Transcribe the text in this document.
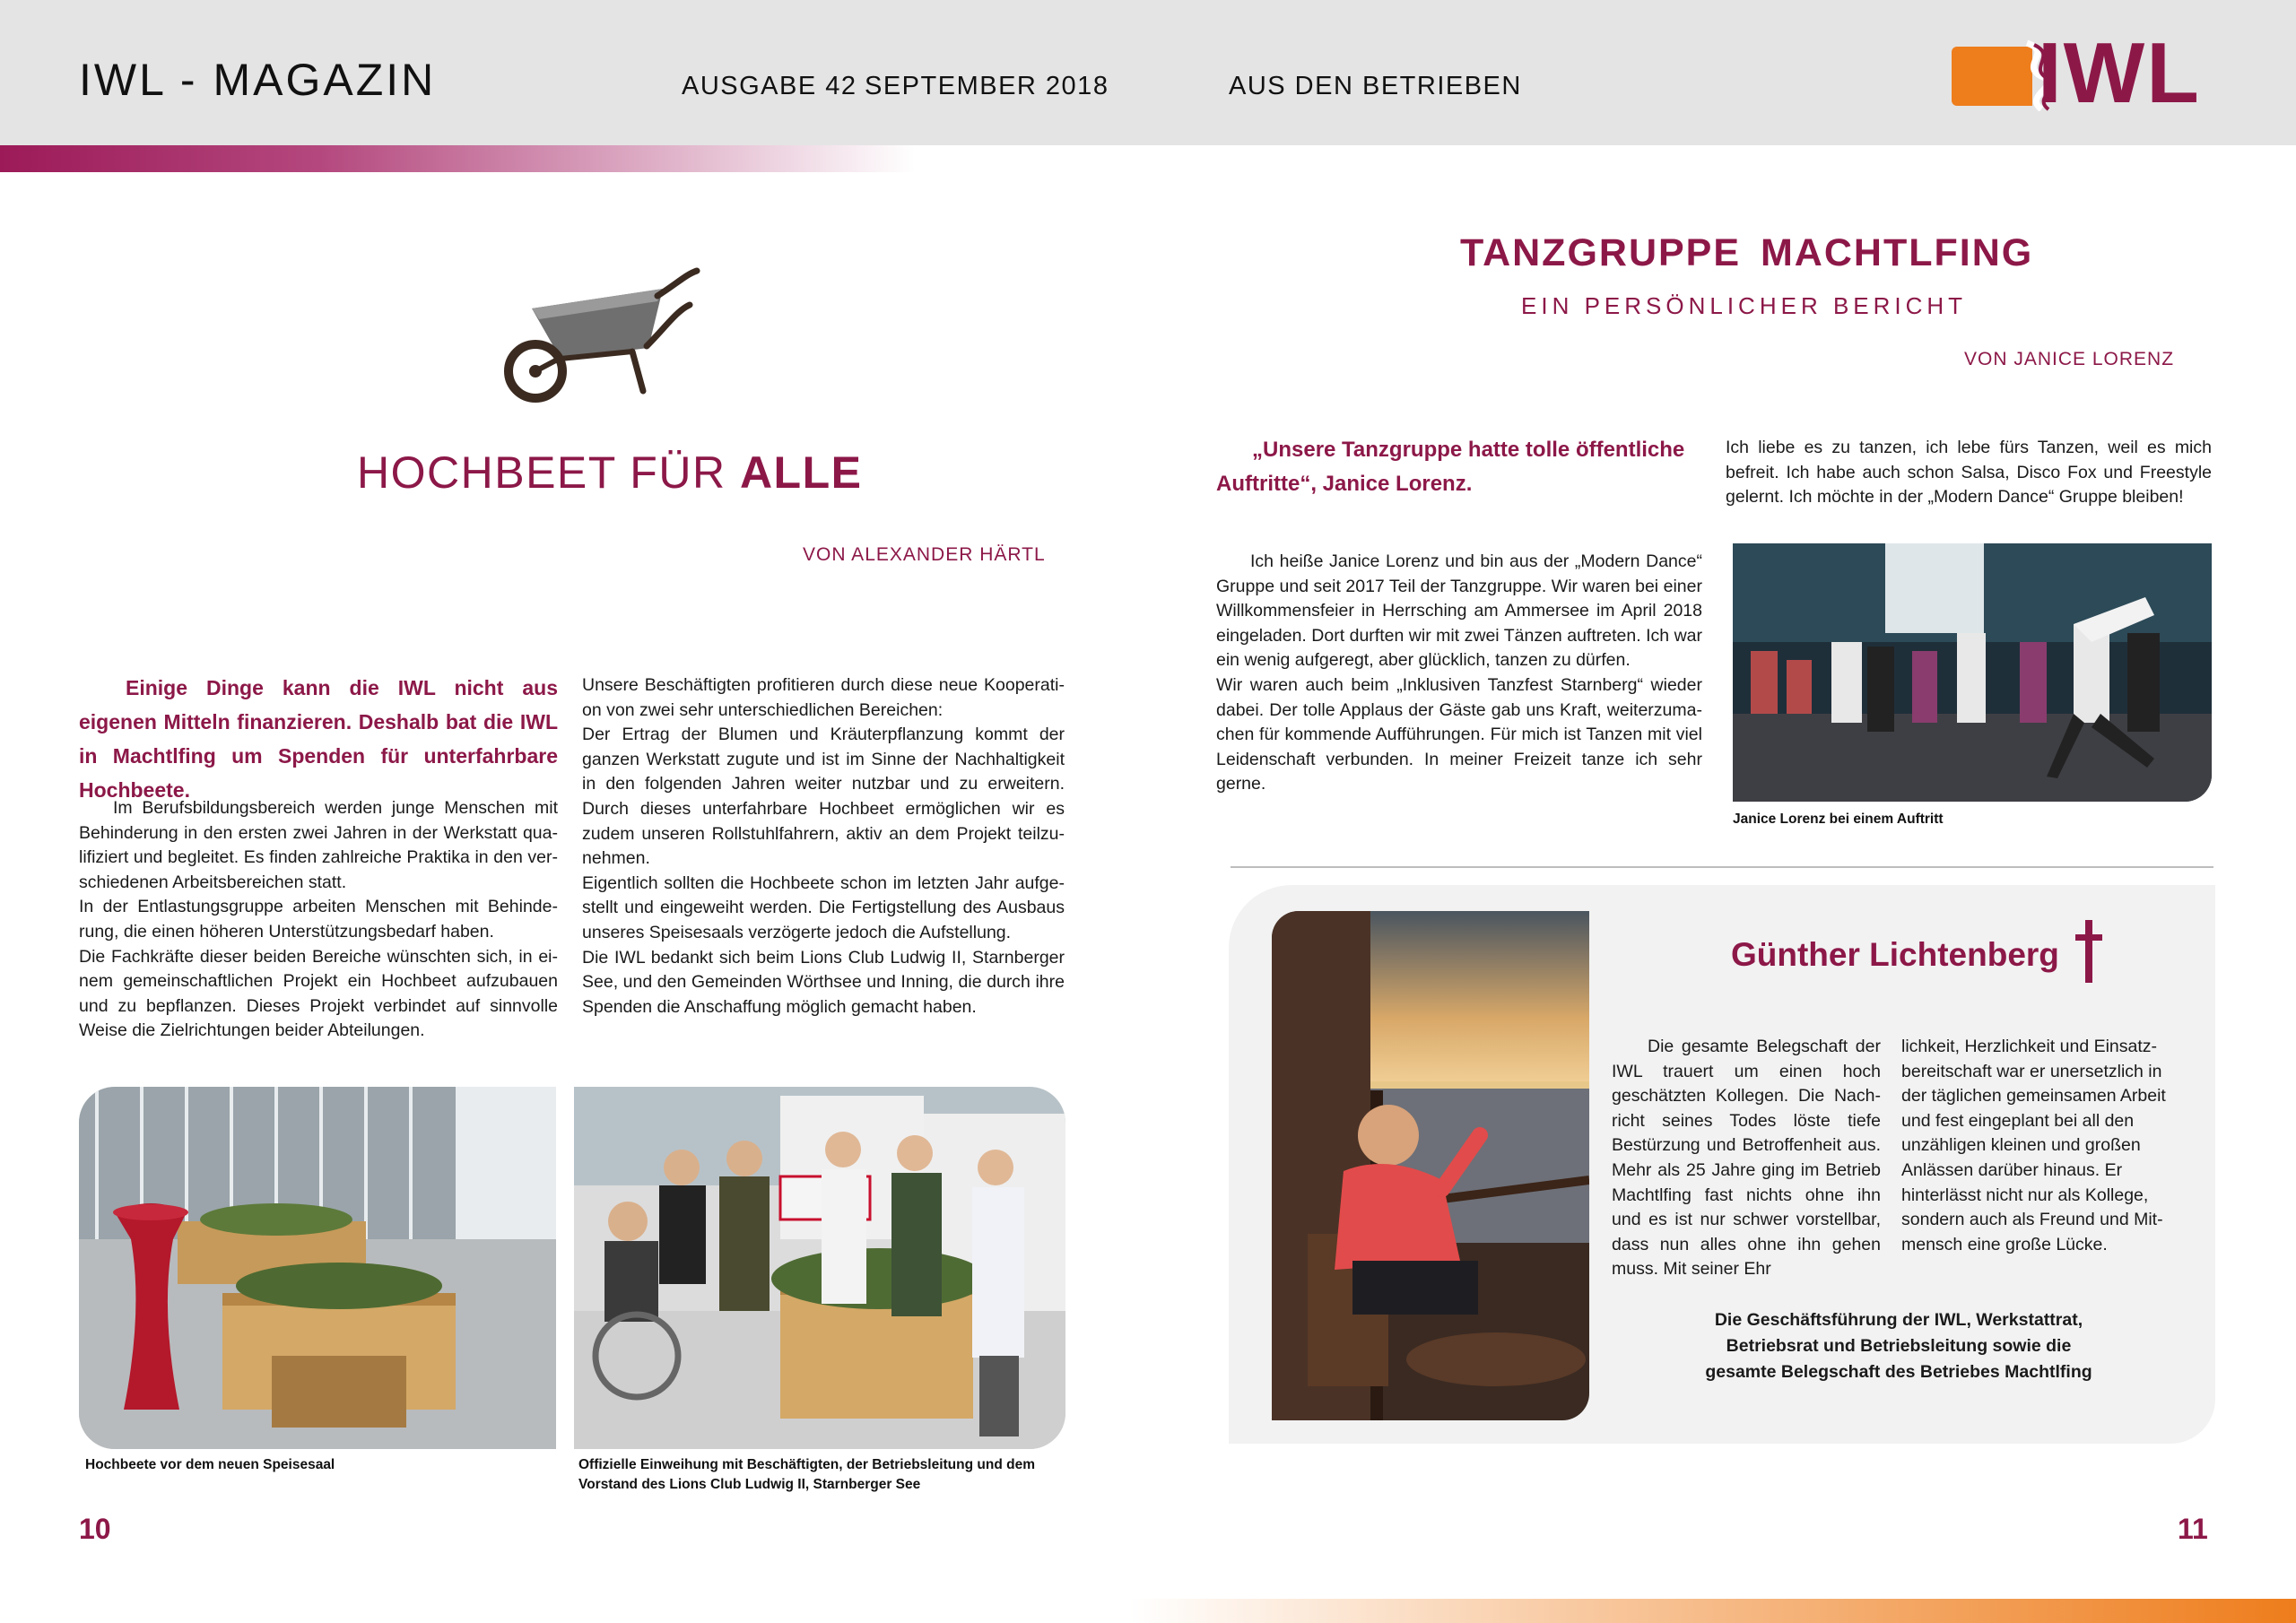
IWL - MAGAZIN	AUSGABE 42 SEPTEMBER 2018	AUS DEN BETRIEBEN	IWL
HOCHBEET FÜR ALLE
VON ALEXANDER HÄRTL
Einige Dinge kann die IWL nicht aus eigenen Mitteln finanzieren. Deshalb bat die IWL in Machtlfing um Spenden für unterfahrbare Hochbeete.

Im Berufsbildungsbereich werden junge Menschen mit Behinderung in den ersten zwei Jahren in der Werkstatt qualifiziert und begleitet. Es finden zahlreiche Praktika in den verschiedenen Arbeitsbereichen statt.

In der Entlastungsgruppe arbeiten Menschen mit Behinderung, die einen höheren Unterstützungsbedarf haben.

Die Fachkräfte dieser beiden Bereiche wünschten sich, in einem gemeinschaftlichen Projekt ein Hochbeet aufzubauen und zu bepflanzen. Dieses Projekt verbindet auf sinnvolle Weise die Zielrichtungen beider Abteilungen.

Unsere Beschäftigten profitieren durch diese neue Kooperation von zwei sehr unterschiedlichen Bereichen:

Der Ertrag der Blumen und Kräuterpflanzung kommt der ganzen Werkstatt zugute und ist im Sinne der Nachhaltigkeit in den folgenden Jahren weiter nutzbar und zu erweitern. Durch dieses unterfahrbare Hochbeet ermöglichen wir es zudem unseren Rollstuhlfahrern, aktiv an dem Projekt teilzunehmen.

Eigentlich sollten die Hochbeete schon im letzten Jahr aufgestellt und eingeweiht werden. Die Fertigstellung des Ausbaus unseres Speisesaals verzögerte jedoch die Aufstellung.

Die IWL bedankt sich beim Lions Club Ludwig II, Starnberger See, und den Gemeinden Wörthsee und Inning, die durch ihre Spenden die Anschaffung möglich gemacht haben.

Hochbeete vor dem neuen Speisesaal	Offizielle Einweihung mit Beschäftigten, der Betriebsleitung und dem
Vorstand des Lions Club Ludwig II, Starnberger See
10
TANZGRUPPE MACHTLFING
EIN PERSÖNLICHER BERICHT
VON JANICE LORENZ
„Unsere Tanzgruppe hatte tolle öffentliche Auftritte“, Janice Lorenz.

Ich heiße Janice Lorenz und bin aus der „Modern Dance“ Gruppe und seit 2017 Teil der Tanzgruppe. Wir waren bei einer Willkommensfeier in Herrsching am Ammersee im April 2018 eingeladen. Dort durften wir mit zwei Tänzen auftreten. Ich war ein wenig aufgeregt, aber glücklich, tanzen zu dürfen.

Wir waren auch beim „Inklusiven Tanzfest Starnberg“ wieder dabei. Der tolle Applaus der Gäste gab uns Kraft, weiterzumachen für kommende Aufführungen. Für mich ist Tanzen mit viel Leidenschaft verbunden. In meiner Freizeit tanze ich sehr gerne.

Ich liebe es zu tanzen, ich lebe fürs Tanzen, weil es mich befreit. Ich habe auch schon Salsa, Disco Fox und Freestyle gelernt. Ich möchte in der „Modern Dance“ Gruppe bleiben!
Janice Lorenz bei einem Auftritt
Günther Lichtenberg
Die gesamte Belegschaft der IWL trauert um einen hoch geschätzten Kollegen. Die Nachricht seines Todes löste tiefe Bestürzung und Betroffenheit aus. Mehr als 25 Jahre ging im Betrieb Machtlfing fast nichts ohne ihn und es ist nur schwer vorstellbar, dass nun alles ohne ihn gehen muss. Mit seiner Ehr
lichkeit, Herzlichkeit und Einsatzbereitschaft war er unersetzlich in der täglichen gemeinsamen Arbeit und fest eingeplant bei all den unzähligen kleinen und großen Anlässen darüber hinaus. Er hinterlässt nicht nur als Kollege, sondern auch als Freund und Mitmensch eine große Lücke.
Die Geschäftsführung der IWL, Werkstattrat,
Betriebsrat und Betriebsleitung sowie die
gesamte Belegschaft des Betriebes Machtlfing
11
